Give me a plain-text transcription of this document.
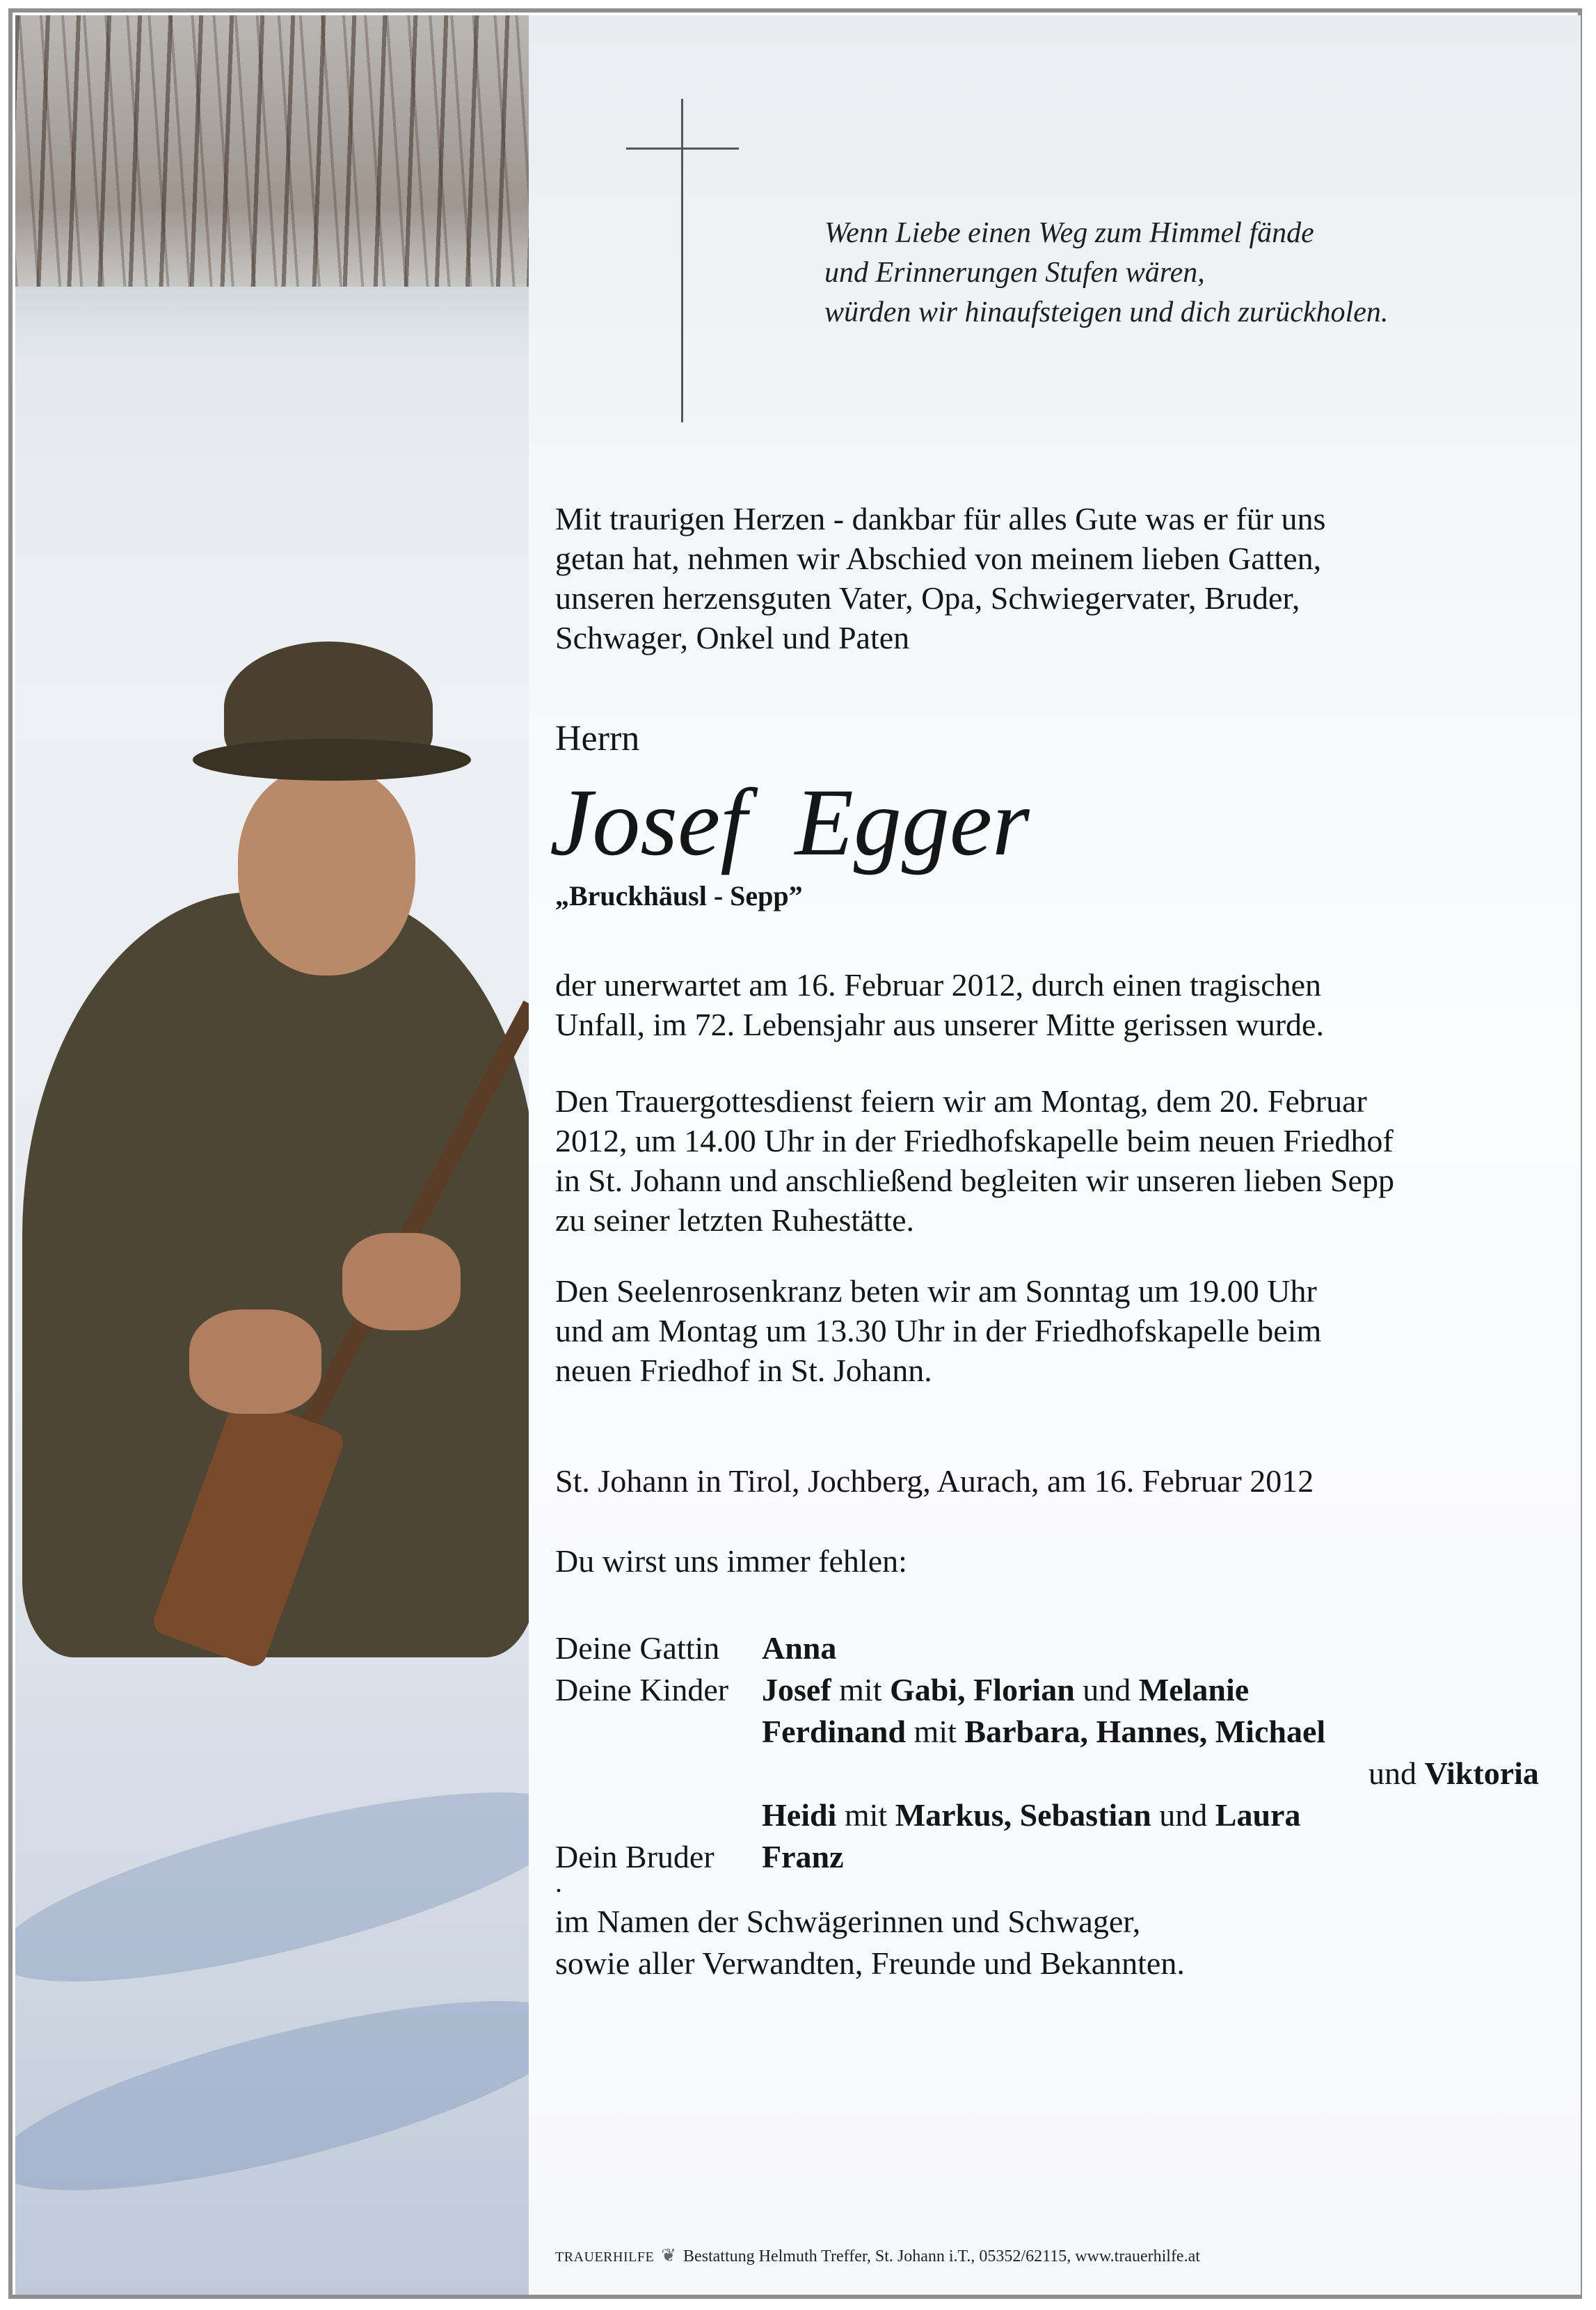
Wenn Liebe einen Weg zum Himmel fände
und Erinnerungen Stufen wären,
würden wir hinaufsteigen und dich zurückholen.
Mit traurigen Herzen - dankbar für alles Gute was er für uns
getan hat, nehmen wir Abschied von meinem lieben Gatten,
unseren herzensguten Vater, Opa, Schwiegervater, Bruder,
Schwager, Onkel und Paten
Herrn
Josef  Egger
„Bruckhäusl - Sepp”
der unerwartet am 16. Februar 2012, durch einen tragischen
Unfall, im 72. Lebensjahr aus unserer Mitte gerissen wurde.
Den Trauergottesdienst feiern wir am Montag, dem 20. Februar
2012, um 14.00 Uhr in der Friedhofskapelle beim neuen Friedhof
in St. Johann und anschließend begleiten wir unseren lieben Sepp
zu seiner letzten Ruhestätte.
Den Seelenrosenkranz beten wir am Sonntag um 19.00 Uhr
und am Montag um 13.30 Uhr in der Friedhofskapelle beim
neuen Friedhof in St. Johann.
St. Johann in Tirol, Jochberg, Aurach, am 16. Februar 2012
Du wirst uns immer fehlen:
Deine Gattin Anna
Deine Kinder Josef mit Gabi, Florian und Melanie
Ferdinand mit Barbara, Hannes, Michael
und Viktoria
Heidi mit Markus, Sebastian und Laura
Dein Bruder Franz
.
im Namen der Schwägerinnen und Schwager,
sowie aller Verwandten, Freunde und Bekannten.
TRAUERHILFE ❦ Bestattung Helmuth Treffer, St. Johann i.T., 05352/62115, www.trauerhilfe.at
